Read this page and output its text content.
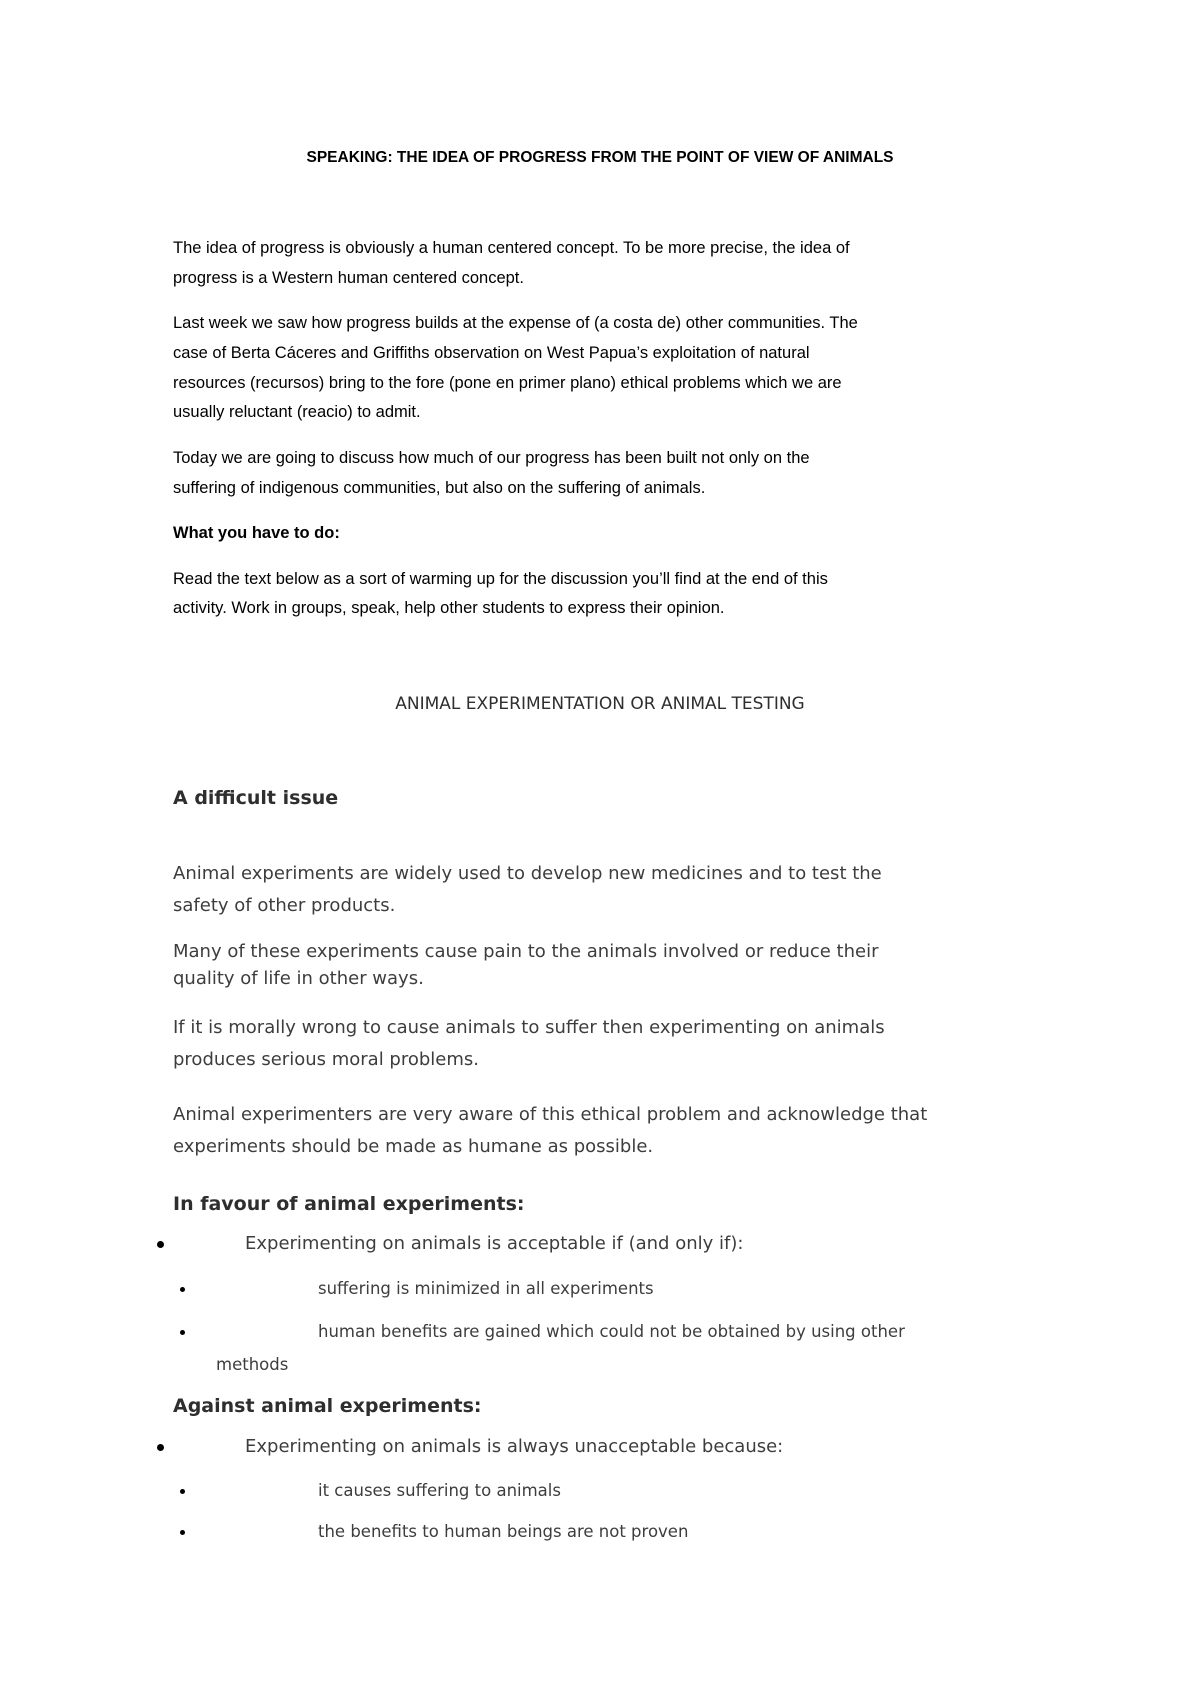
SPEAKING: THE IDEA OF PROGRESS FROM THE POINT OF VIEW OF ANIMALS

The idea of progress is obviously a human centered concept. To be more precise, the idea of

progress is a Western human centered concept.

Last week we saw how progress builds at the expense of (a costa de) other communities. The

case of Berta Cáceres and Griffiths observation on West Papua’s exploitation of natural

resources (recursos) bring to the fore (pone en primer plano) ethical problems which we are

usually reluctant (reacio) to admit.

Today we are going to discuss how much of our progress has been built not only on the

suffering of indigenous communities, but also on the suffering of animals.

What you have to do:

Read the text below as a sort of warming up for the discussion you’ll find at the end of this

activity. Work in groups, speak, help other students to express their opinion.

ANIMAL EXPERIMENTATION OR ANIMAL TESTING

A difficult issue

Animal experiments are widely used to develop new medicines and to test the

safety of other products.

Many of these experiments cause pain to the animals involved or reduce their

quality of life in other ways.

If it is morally wrong to cause animals to suffer then experimenting on animals

produces serious moral problems.

Animal experimenters are very aware of this ethical problem and acknowledge that

experiments should be made as humane as possible.

In favour of animal experiments:

Experimenting on animals is acceptable if (and only if):

suffering is minimized in all experiments

human benefits are gained which could not be obtained by using other

methods

Against animal experiments:

Experimenting on animals is always unacceptable because:

it causes suffering to animals

the benefits to human beings are not proven
